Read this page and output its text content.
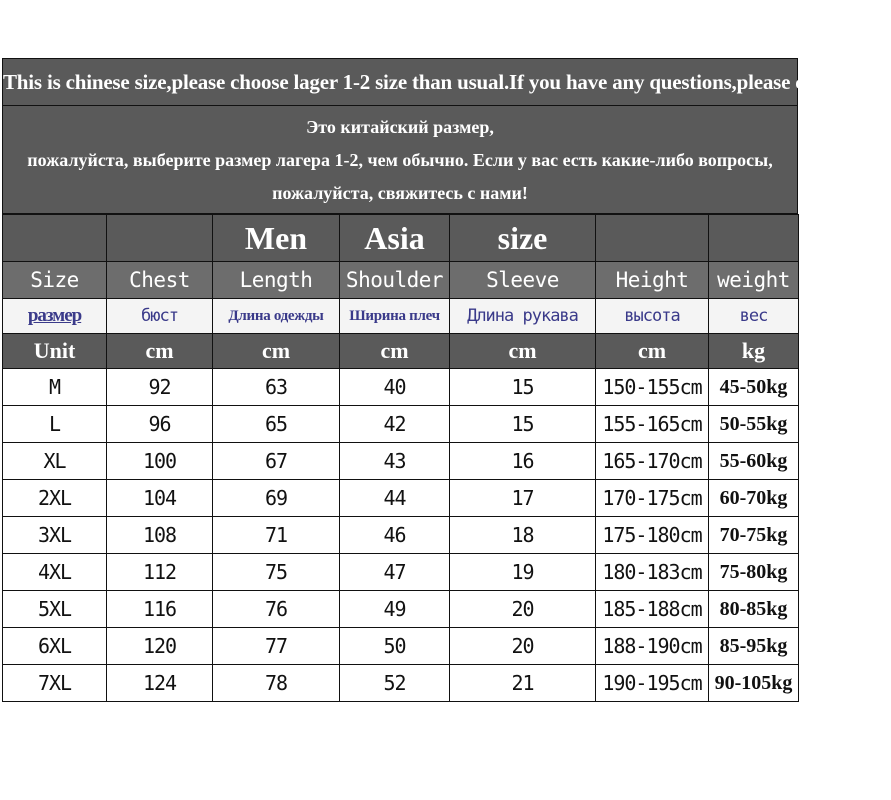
This is chinese size,please choose lager 1-2 size than usual.If you have any questions,please contact us!
Это китайский размер,
пожалуйста, выберите размер лагера 1-2, чем обычно. Если у вас есть какие-либо вопросы,
пожалуйста, свяжитесь с нами!
		Men	Asia	size		
Size	Chest	Length	Shoulder	Sleeve	Height	weight
размер	бюст	Длина одежды	Ширина плеч	Длина рукава	высота	вес
Unit	cm	cm	cm	cm	cm	kg
M	92	63	40	15	150-155cm	45-50kg
L	96	65	42	15	155-165cm	50-55kg
XL	100	67	43	16	165-170cm	55-60kg
2XL	104	69	44	17	170-175cm	60-70kg
3XL	108	71	46	18	175-180cm	70-75kg
4XL	112	75	47	19	180-183cm	75-80kg
5XL	116	76	49	20	185-188cm	80-85kg
6XL	120	77	50	20	188-190cm	85-95kg
7XL	124	78	52	21	190-195cm	90-105kg
